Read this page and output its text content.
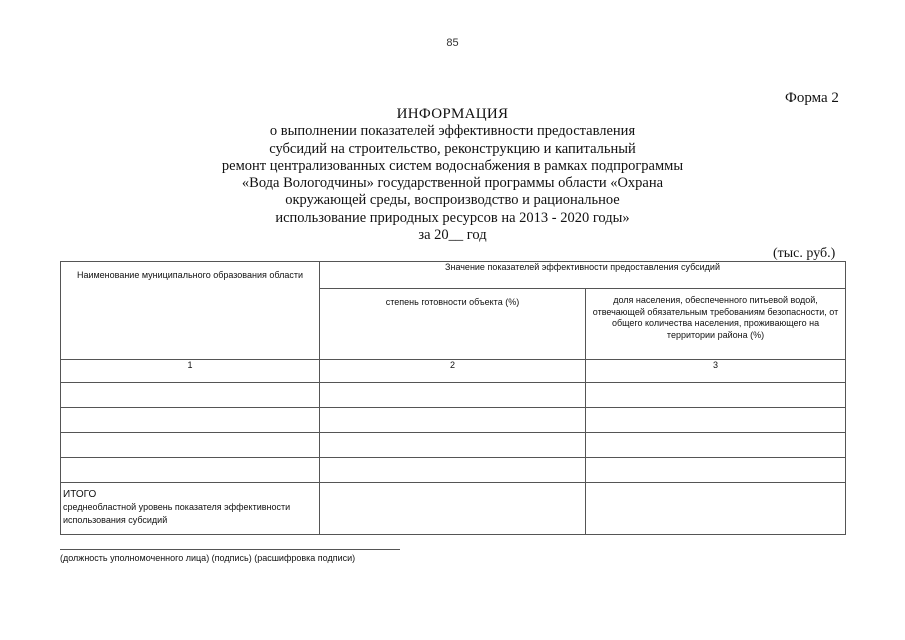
85
Форма 2
ИНФОРМАЦИЯ
о выполнении показателей эффективности предоставления
субсидий на строительство, реконструкцию и капитальный
ремонт централизованных систем водоснабжения в рамках подпрограммы
«Вода Вологодчины» государственной программы области «Охрана
окружающей среды, воспроизводство и рациональное
использование природных ресурсов на 2013 - 2020 годы»
за 20__ год
(тыс. руб.)
Наименование муниципального образования области	Значение показателей эффективности предоставления субсидий	
	степень готовности объекта (%)	доля населения, обеспеченного питьевой водой, отвечающей обязательным требованиям безопасности, от общего количества населения, проживающего на территории района (%)
1	2	3

ИТОГО
среднеобластной уровень показателя эффективности использования субсидий		
(должность уполномоченного лица) (подпись) (расшифровка подписи)
